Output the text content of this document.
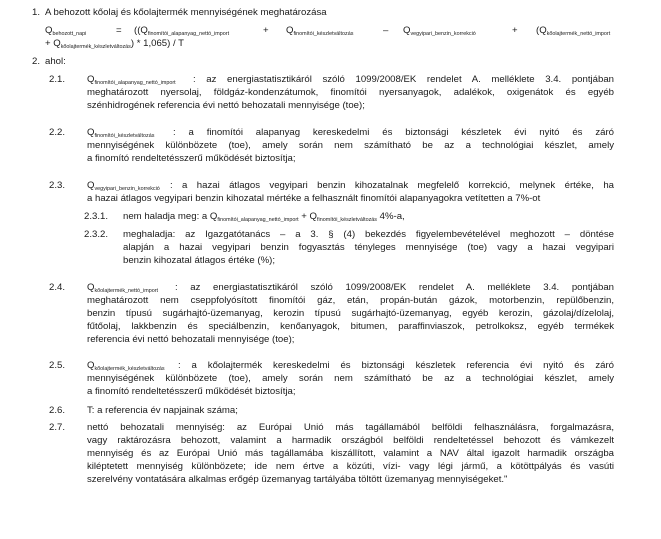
1. A behozott kőolaj és kőolajtermék mennyiségének meghatározása
$Q_{behozott\_napi}$	= (($Q_{finomítói\_alapanyag\_nettó\_import}$	+ $Q_{finomítói\_készletváltozás}$	– $Q_{vegyipari\_benzin\_korrekció}$	+ ($Q_{kőolajtermék\_nettó\_import}$
+ $Q_{kőolajtermék\_készletváltozás}) * 1,065$) / T
2. ahol:
2.1. $Q_{finomítói\_alapanyag\_nettó\_import}$ : az energiastatisztikáról szóló 1099/2008/EK rendelet A. melléklete 3.4. pontjában
meghatározott nyersolaj, földgáz-kondenzátumok, finomítói nyersanyagok, adalékok, oxigenátok és egyéb
szénhidrogének referencia évi nettó behozatali mennyisége (toe);
2.2. $Q_{finomítói\_készletváltozás}$ : a finomítói alapanyag kereskedelmi és biztonsági készletek évi nyitó és záró
mennyiségének különbözete (toe), amely során nem számítható be az a technológiai készlet, amely
a finomító rendeltetésszerű működését biztosítja;
2.3. $Q_{vegyipari\_benzin\_korrekció}$ : a hazai átlagos vegyipari benzin kihozatalnak megfelelő korrekció, melynek értéke, ha
a hazai átlagos vegyipari benzin kihozatal mértéke a felhasznált finomítói alapanyagokra vetítetten a 7%-ot
2.3.1. nem haladja meg: a $Q_{finomítói\_alapanyag\_nettó\_import} + Q_{finomítói\_készletváltozás}$ 4%-a,
2.3.2. meghaladja: az Igazgatótanács – a 3. § (4) bekezdés figyelembevételével meghozott – döntése
alapján a hazai vegyipari benzin fogyasztás tényleges mennyisége (toe) vagy a hazai vegyipari
benzin kihozatal átlagos értéke (%);
2.4. $Q_{kőolajtermék\_nettó\_import}$ : az energiastatisztikáról szóló 1099/2008/EK rendelet A. melléklete 3.4. pontjában
meghatározott nem cseppfolyósított finomítói gáz, etán, propán-bután gázok, motorbenzin, repülőbenzin,
benzin típusú sugárhajtó-üzemanyag, kerozin típusú sugárhajtó-üzemanyag, egyéb kerozin, gázolaj/dízelolaj,
fűtőolaj, lakkbenzin és speciálbenzin, kenőanyagok, bitumen, paraffinviaszok, petrolkoksz, egyéb termékek
referencia évi nettó behozatali mennyisége (toe);
2.5. $Q_{kőolajtermék\_készletváltozás}$ : a kőolajtermék kereskedelmi és biztonsági készletek referencia évi nyitó és záró
mennyiségének különbözete (toe), amely során nem számítható be az a technológiai készlet, amely
a finomító rendeltetésszerű működését biztosítja;
2.6. T: a referencia év napjainak száma;
2.7. nettó behozatali mennyiség: az Európai Unió más tagállamából belföldi felhasználásra, forgalmazásra,
vagy raktározásra behozott, valamint a harmadik országból belföldi rendeltetéssel behozott és vámkezelt
mennyiség és az Európai Unió más tagállamába kiszállított, valamint a NAV által igazolt harmadik országba
kiléptetett mennyiség különbözete; ide nem értve a közúti, vízi- vagy légi jármű, a kötöttpályás és vasúti
szerelvény vontatására alkalmas erőgép üzemanyag tartályába töltött üzemanyag mennyiségeket."
